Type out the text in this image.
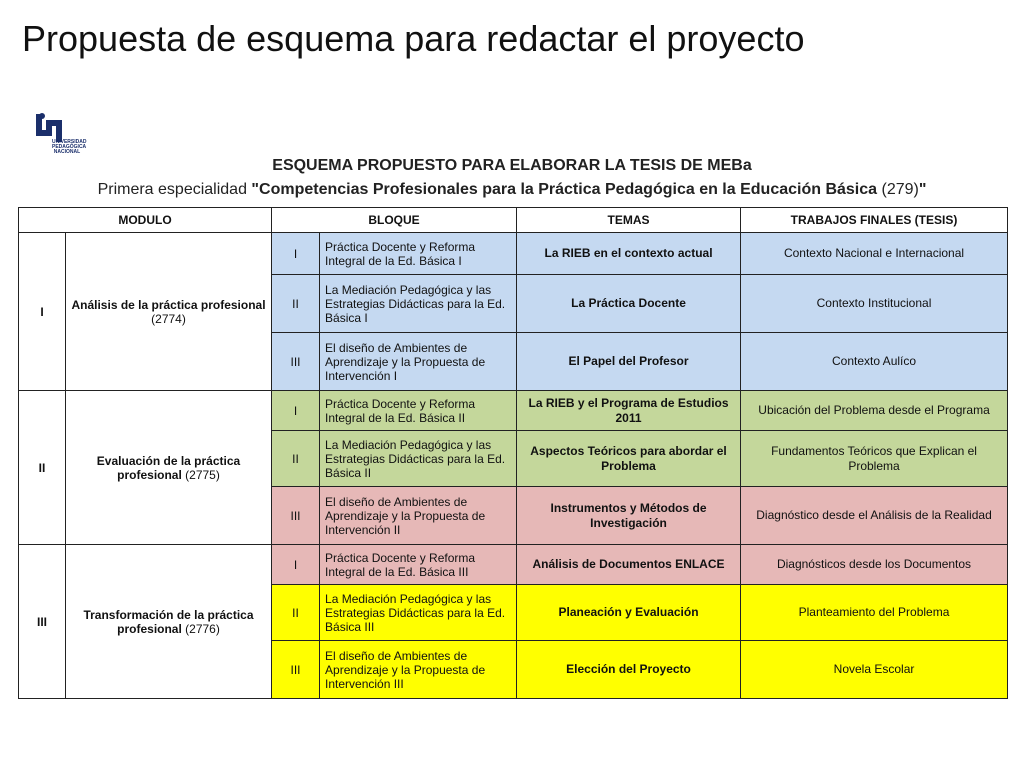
Propuesta de esquema para redactar el proyecto
UNIVERSIDAD
PEDAGÓGICA
NACIONAL
ESQUEMA PROPUESTO PARA ELABORAR LA TESIS DE MEBa
Primera especialidad "Competencias Profesionales para la Práctica Pedagógica en la Educación Básica (279)"
MODULO		BLOQUE		TEMAS	TRABAJOS FINALES (TESIS)
I	Análisis de la práctica profesional (2774)	I	Práctica Docente y Reforma Integral de la Ed. Básica I	La RIEB en el contexto actual	Contexto Nacional e Internacional
		II	La Mediación Pedagógica y las Estrategias Didácticas para la Ed. Básica I	La Práctica Docente	Contexto Institucional
		III	El diseño de Ambientes de Aprendizaje y la Propuesta de Intervención I	El Papel del Profesor	Contexto Aulíco
II	Evaluación de la práctica profesional (2775)	I	Práctica Docente y Reforma Integral de la Ed. Básica II	La RIEB y el Programa de Estudios 2011	Ubicación del Problema desde el Programa
		II	La Mediación Pedagógica y las Estrategias Didácticas para la Ed. Básica II	Aspectos Teóricos para abordar el Problema	Fundamentos Teóricos que Explican el Problema
		III	El diseño de Ambientes de Aprendizaje y la Propuesta de Intervención II	Instrumentos y Métodos de Investigación	Diagnóstico desde el Análisis de la Realidad
III	Transformación de la práctica profesional (2776)	I	Práctica Docente y Reforma Integral de la Ed. Básica III	Análisis de Documentos ENLACE	Diagnósticos desde los Documentos
		II	La Mediación Pedagógica y las Estrategias Didácticas para la Ed. Básica III	Planeación y Evaluación	Planteamiento del Problema
		III	El diseño de Ambientes de Aprendizaje y la Propuesta de Intervención III	Elección del Proyecto	Novela Escolar
